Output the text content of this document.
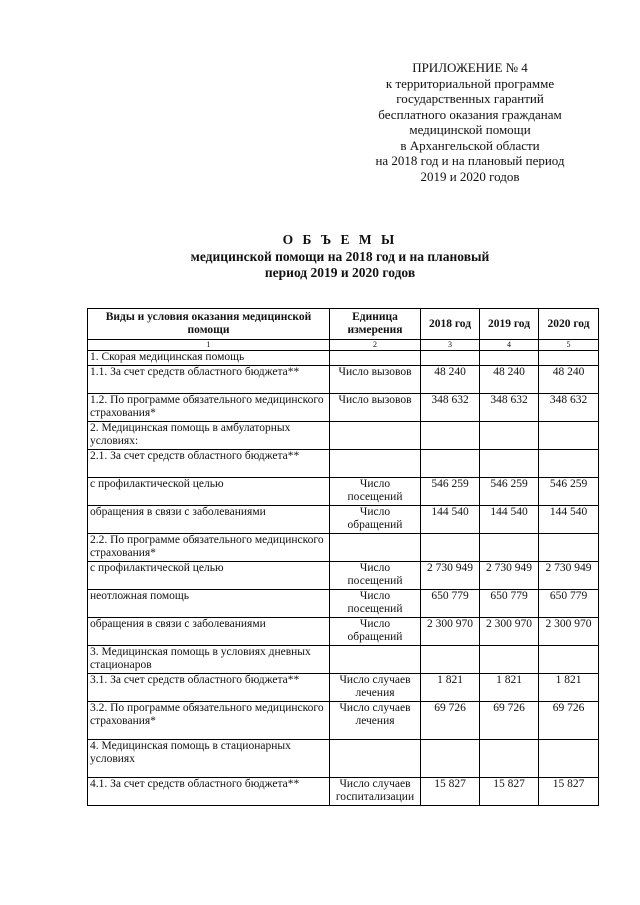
ПРИЛОЖЕНИЕ № 4
к территориальной программе
государственных гарантий
бесплатного оказания гражданам
медицинской помощи
в Архангельской области
на 2018 год и на плановый период
2019 и 2020 годов
О Б Ъ Е М Ы
медицинской помощи на 2018 год и на плановый
период 2019 и 2020 годов
Виды и условия оказания медицинской помощи	Единица измерения	2018 год	2019 год	2020 год
1	2	3	4	5
1. Скорая медицинская помощь				
1.1. За счет средств областного бюджета**	Число вызовов	48 240	48 240	48 240
1.2. По программе обязательного медицинского страхования*	Число вызовов	348 632	348 632	348 632
2. Медицинская помощь в амбулаторных условиях:				
2.1. За счет средств областного бюджета**				
с профилактической целью	Число посещений	546 259	546 259	546 259
обращения в связи с заболеваниями	Число обращений	144 540	144 540	144 540
2.2. По программе обязательного медицинского страхования*				
с профилактической целью	Число посещений	2 730 949	2 730 949	2 730 949
неотложная помощь	Число посещений	650 779	650 779	650 779
обращения в связи с заболеваниями	Число обращений	2 300 970	2 300 970	2 300 970
3. Медицинская помощь в условиях дневных стационаров				
3.1. За счет средств областного бюджета**	Число случаев лечения	1 821	1 821	1 821
3.2. По программе обязательного медицинского страхования*	Число случаев лечения	69 726	69 726	69 726
4. Медицинская помощь в стационарных условиях				
4.1. За счет средств областного бюджета**	Число случаев госпитализации	15 827	15 827	15 827
